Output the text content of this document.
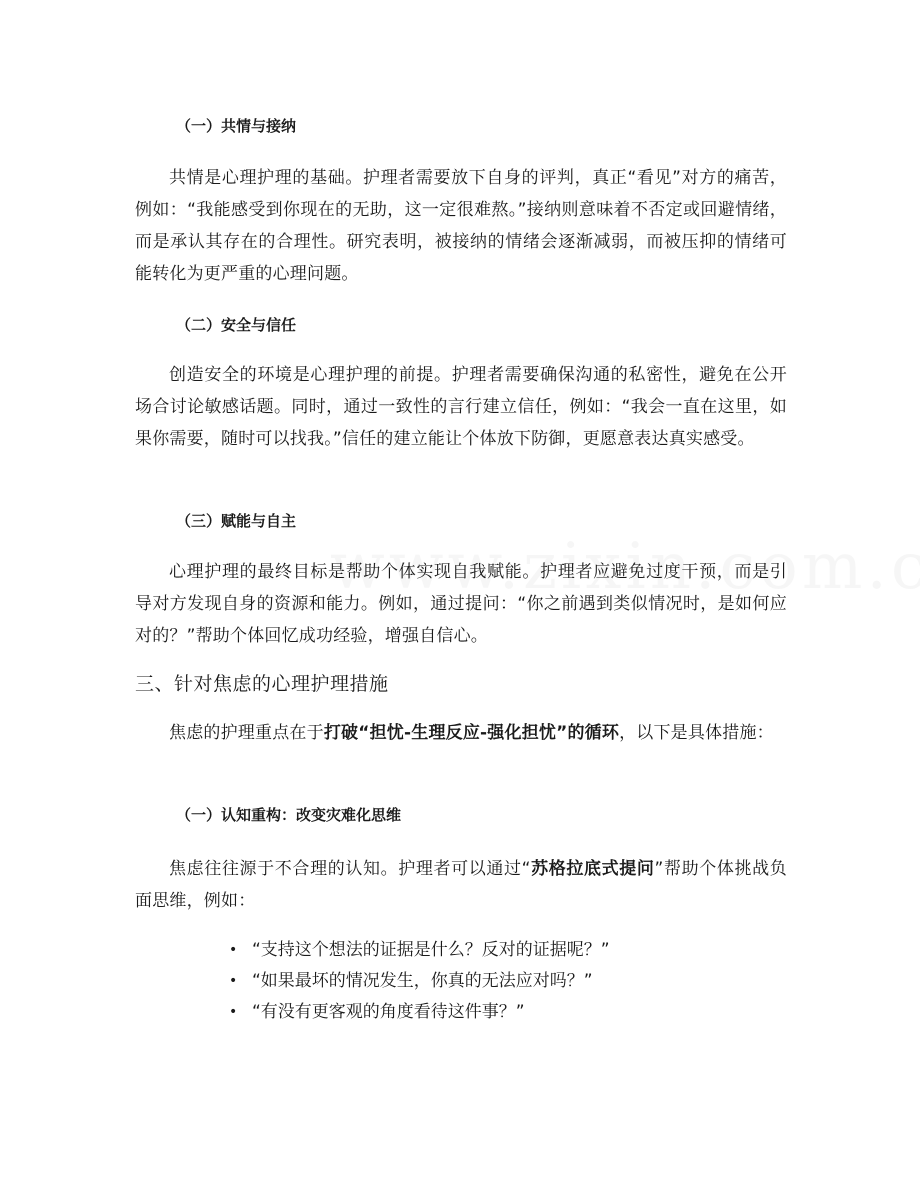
（一）共情与接纳

共情是心理护理的基础。护理者需要放下自身的评判，真正“看见”对方的痛苦，例如：“我能感受到你现在的无助，这一定很难熬。”接纳则意味着不否定或回避情绪，而是承认其存在的合理性。研究表明，被接纳的情绪会逐渐减弱，而被压抑的情绪可能转化为更严重的心理问题。

（二）安全与信任

创造安全的环境是心理护理的前提。护理者需要确保沟通的私密性，避免在公开场合讨论敏感话题。同时，通过一致性的言行建立信任，例如：“我会一直在这里，如果你需要，随时可以找我。”信任的建立能让个体放下防御，更愿意表达真实感受。

（三）赋能与自主

心理护理的最终目标是帮助个体实现自我赋能。护理者应避免过度干预，而是引导对方发现自身的资源和能力。例如，通过提问：“你之前遇到类似情况时，是如何应对的？”帮助个体回忆成功经验，增强自信心。

三、针对焦虑的心理护理措施

焦虑的护理重点在于打破“担忧-生理反应-强化担忧”的循环，以下是具体措施：

（一）认知重构：改变灾难化思维

焦虑往往源于不合理的认知。护理者可以通过“苏格拉底式提问”帮助个体挑战负面思维，例如：

• “支持这个想法的证据是什么？反对的证据呢？”
• “如果最坏的情况发生，你真的无法应对吗？”
• “有没有更客观的角度看待这件事？”
